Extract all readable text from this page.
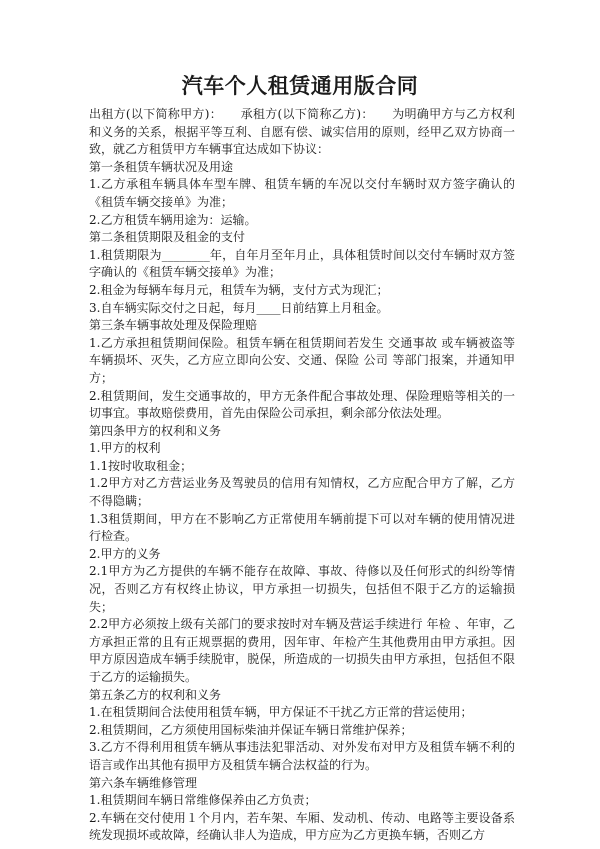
汽车个人租赁通用版合同

出租方(以下简称甲方)：　　承租方(以下简称乙方)：　　为明确甲方与乙方权利和义务的关系，根据平等互利、自愿有偿、诚实信用的原则，经甲乙双方协商一致，就乙方租赁甲方车辆事宜达成如下协议：

第一条租赁车辆状况及用途

1.乙方承租车辆具体车型车牌、租赁车辆的车况以交付车辆时双方签字确认的《租赁车辆交接单》为准；

2.乙方租赁车辆用途为：运输。

第二条租赁期限及租金的支付

1.租赁期限为________年，自年月至年月止，具体租赁时间以交付车辆时双方签字确认的《租赁车辆交接单》为准；

2.租金为每辆车每月元，租赁车为辆，支付方式为现汇；

3.自车辆实际交付之日起，每月____日前结算上月租金。

第三条车辆事故处理及保险理赔

1.乙方承担租赁期间保险。租赁车辆在租赁期间若发生 交通事故 或车辆被盗等车辆损坏、灭失，乙方应立即向公安、交通、保险 公司 等部门报案，并通知甲方；

2.租赁期间，发生交通事故的，甲方无条件配合事故处理、保险理赔等相关的一切事宜。事故赔偿费用，首先由保险公司承担，剩余部分依法处理。

第四条甲方的权利和义务

1.甲方的权利

1.1按时收取租金；

1.2甲方对乙方营运业务及驾驶员的信用有知情权，乙方应配合甲方了解，乙方不得隐瞒；

1.3租赁期间，甲方在不影响乙方正常使用车辆前提下可以对车辆的使用情况进行检查。

2.甲方的义务

2.1甲方为乙方提供的车辆不能存在故障、事故、待修以及任何形式的纠纷等情况，否则乙方有权终止协议，甲方承担一切损失，包括但不限于乙方的运输损失；

2.2甲方必须按上级有关部门的要求按时对车辆及营运手续进行 年检 、年审，乙方承担正常的且有正规票据的费用，因年审、年检产生其他费用由甲方承担。因甲方原因造成车辆手续脱审，脱保，所造成的一切损失由甲方承担，包括但不限于乙方的运输损失。

第五条乙方的权利和义务

1.在租赁期间合法使用租赁车辆，甲方保证不干扰乙方正常的营运使用；

2.租赁期间，乙方须使用国标柴油并保证车辆日常维护保养；

3.乙方不得利用租赁车辆从事违法犯罪活动、对外发布对甲方及租赁车辆不利的语言或作出其他有损甲方及租赁车辆合法权益的行为。

第六条车辆维修管理

1.租赁期间车辆日常维修保养由乙方负责；

2.车辆在交付使用１个月内，若车架、车厢、发动机、传动、电路等主要设备系统发现损坏或故障，经确认非人为造成，甲方应为乙方更换车辆，否则乙方
